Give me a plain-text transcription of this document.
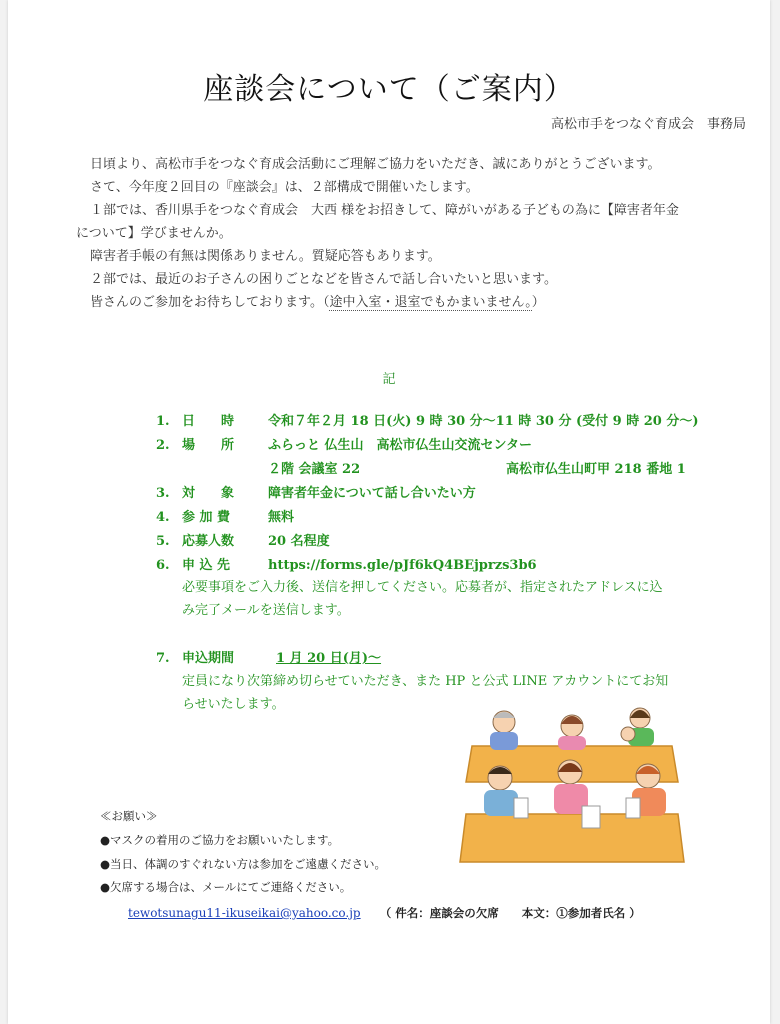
座談会について（ご案内）
高松市手をつなぐ育成会　事務局
日頃より、高松市手をつなぐ育成会活動にご理解ご協力をいただき、誠にありがとうございます。
さて、今年度２回目の『座談会』は、２部構成で開催いたします。
１部では、香川県手をつなぐ育成会　大西 様をお招きして、障がいがある子どもの為に【障害者年金
について】学びませんか。
障害者手帳の有無は関係ありません。質疑応答もあります。
２部では、最近のお子さんの困りごとなどを皆さんで話し合いたいと思います。
皆さんのご参加をお待ちしております。（途中入室・退室でもかまいません。）
記
1. 日　　時	令和７年２月 18 日(火) 9 時 30 分～11 時 30 分 (受付 9 時 20 分～)
2. 場　　所	ふらっと 仏生山　高松市仏生山交流センター
２階 会議室 22	高松市仏生山町甲 218 番地 1
3. 対　　象	障害者年金について話し合いたい方
4. 参 加 費	無料
5. 応募人数	20 名程度
6. 申 込 先	https://forms.gle/pJf6kQ4BEjprzs3b6
必要事項をご入力後、送信を押してください。応募者が、指定されたアドレスに込
み完了メールを送信します。
7. 申込期間	1 月 20 日(月)～
定員になり次第締め切らせていただき、また HP と公式 LINE アカウントにてお知
らせいたします。
≪お願い≫
●マスクの着用のご協力をお願いいたします。
●当日、体調のすぐれない方は参加をご遠慮ください。
●欠席する場合は、メールにてご連絡ください。
tewotsunagu11-ikuseikai@yahoo.co.jp （ 件名：座談会の欠席　　本文：①参加者氏名 ）
